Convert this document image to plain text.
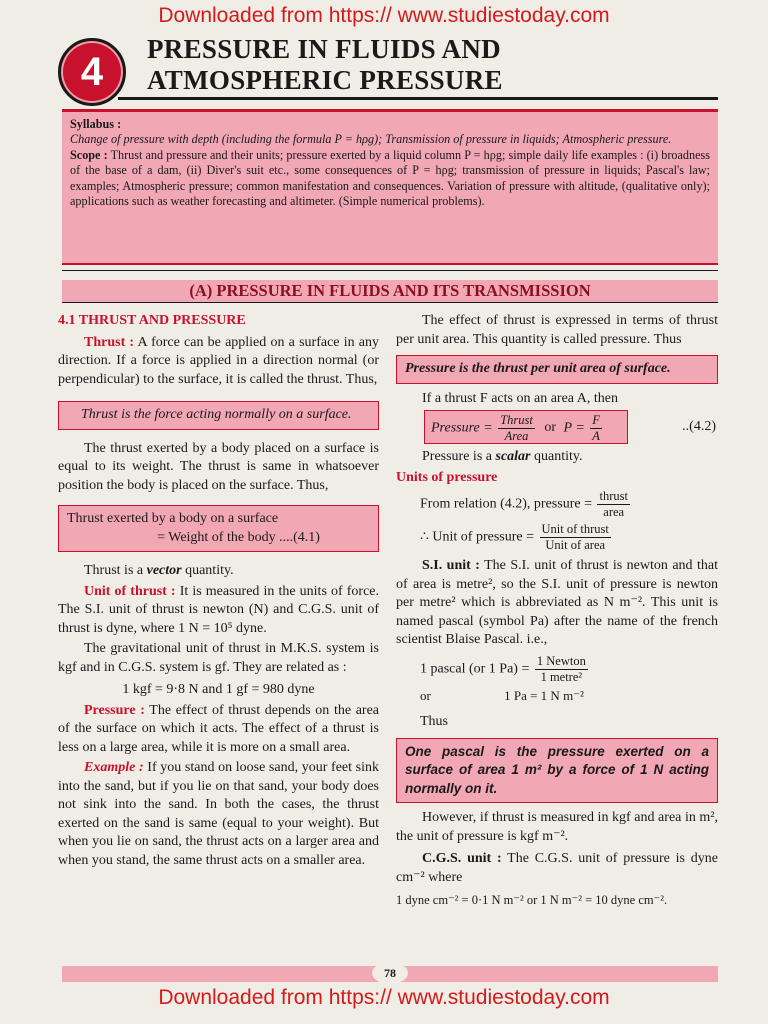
Downloaded from https:// www.studiestoday.com
4
PRESSURE IN FLUIDS AND
ATMOSPHERIC PRESSURE

Syllabus :

Change of pressure with depth (including the formula P = hρg); Transmission of pressure in liquids; Atmospheric pressure.

Scope : Thrust and pressure and their units; pressure exerted by a liquid column P = hρg; simple daily life examples : (i) broadness of the base of a dam, (ii) Diver's suit etc., some consequences of P = hρg; transmission of pressure in liquids; Pascal's law; examples; Atmospheric pressure; common manifestation and consequences. Variation of pressure with altitude, (qualitative only); applications such as weather forecasting and altimeter. (Simple numerical problems).

(A) PRESSURE IN FLUIDS AND ITS TRANSMISSION

4.1 THRUST AND PRESSURE

Thrust : A force can be applied on a surface in any direction. If a force is applied in a direction normal (or perpendicular) to the surface, it is called the thrust. Thus,

Thrust is the force acting normally on a surface.

The thrust exerted by a body placed on a surface is equal to its weight. The thrust is same in whatsoever position the body is placed on the surface. Thus,

Thrust exerted by a body on a surface
= Weight of the body ....(4.1)

Thrust is a vector quantity.

Unit of thrust : It is measured in the units of force. The S.I. unit of thrust is newton (N) and C.G.S. unit of thrust is dyne, where 1 N = 10⁵ dyne.

The gravitational unit of thrust in M.K.S. system is kgf and in C.G.S. system is gf. They are related as :

1 kgf = 9·8 N and 1 gf = 980 dyne

Pressure : The effect of thrust depends on the area of the surface on which it acts. The effect of a thrust is less on a large area, while it is more on a small area.

Example : If you stand on loose sand, your feet sink into the sand, but if you lie on that sand, your body does not sink into the sand. In both the cases, the thrust exerted on the sand is same (equal to your weight). But when you lie on sand, the thrust acts on a larger area and when you stand, the same thrust acts on a smaller area.

The effect of thrust is expressed in terms of thrust per unit area. This quantity is called pressure. Thus

Pressure is the thrust per unit area of surface.

If a thrust F acts on an area A, then

Pressure = $\frac{\text{Thrust}}{\text{Area}}$ or $P = \frac{F}{A}$	..(4.2)

Pressure is a scalar quantity.

Units of pressure

From relation (4.2), pressure = $\frac{\text{thrust}}{\text{area}}$

∴ Unit of pressure = $\frac{\text{Unit of thrust}}{\text{Unit of area}}$

S.I. unit : The S.I. unit of thrust is newton and that of area is metre², so the S.I. unit of pressure is newton per metre² which is abbreviated as N m⁻². This unit is named pascal (symbol Pa) after the name of the french scientist Blaise Pascal. i.e.,

1 pascal (or 1 $Pa) = \frac{\text{1 Newton}}{\text{1 metre²}}$

or	1 Pa = 1 N m⁻²

Thus

One pascal is the pressure exerted on a surface of area 1 m² by a force of 1 N acting normally on it.

However, if thrust is measured in kgf and area in m², the unit of pressure is kgf m⁻².

C.G.S. unit : The C.G.S. unit of pressure is dyne cm⁻² where

1 dyne cm⁻² = 0·1 N m⁻² or 1 N m⁻² = 10 dyne cm⁻².

78
Downloaded from https:// www.studiestoday.com
